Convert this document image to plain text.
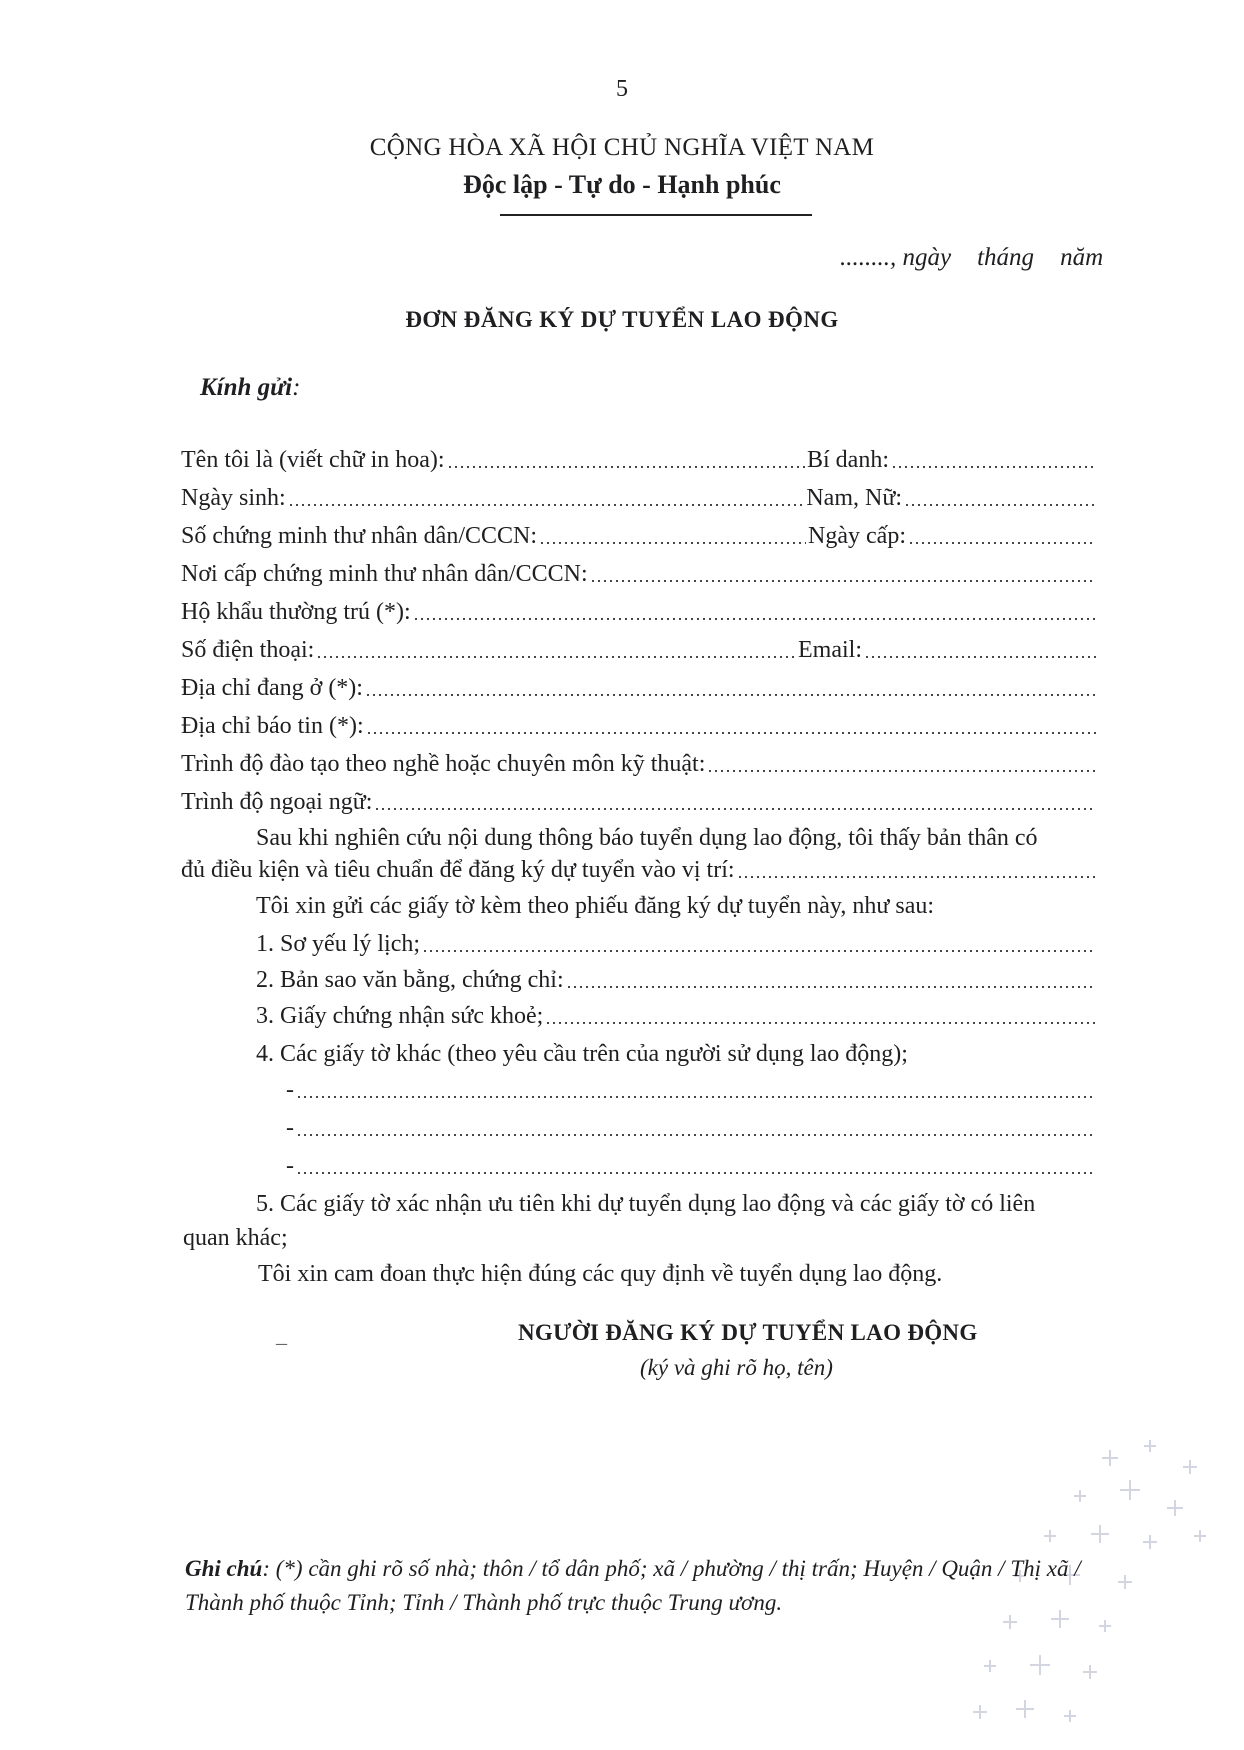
5
CỘNG HÒA XÃ HỘI CHỦ NGHĨA VIỆT NAM
Độc lập - Tự do - Hạnh phúc
........, ngày tháng năm
ĐƠN ĐĂNG KÝ DỰ TUYỂN LAO ĐỘNG
Kính gửi:
Tên tôi là (viết chữ in hoa):	Bí danh:
Ngày sinh:	Nam, Nữ:
Số chứng minh thư nhân dân/CCCN:	Ngày cấp:
Nơi cấp chứng minh thư nhân dân/CCCN:
Hộ khẩu thường trú (*):
Số điện thoại:	Email:
Địa chỉ đang ở (*):
Địa chỉ báo tin (*):
Trình độ đào tạo theo nghề hoặc chuyên môn kỹ thuật:
Trình độ ngoại ngữ:
Sau khi nghiên cứu nội dung thông báo tuyển dụng lao động, tôi thấy bản thân có
đủ điều kiện và tiêu chuẩn để đăng ký dự tuyển vào vị trí:
Tôi xin gửi các giấy tờ kèm theo phiếu đăng ký dự tuyển này, như sau:
1. Sơ yếu lý lịch;
2. Bản sao văn bằng, chứng chỉ:
3. Giấy chứng nhận sức khoẻ;
4. Các giấy tờ khác (theo yêu cầu trên của người sử dụng lao động);
-
-
-
5. Các giấy tờ xác nhận ưu tiên khi dự tuyển dụng lao động và các giấy tờ có liên
quan khác;
Tôi xin cam đoan thực hiện đúng các quy định về tuyển dụng lao động.
_	NGƯỜI ĐĂNG KÝ DỰ TUYỂN LAO ĐỘNG
(ký và ghi rõ họ, tên)
Ghi chú: (*) cần ghi rõ số nhà; thôn / tổ dân phố; xã / phường / thị trấn; Huyện / Quận / Thị xã / Thành phố thuộc Tỉnh; Tỉnh / Thành phố trực thuộc Trung ương.
